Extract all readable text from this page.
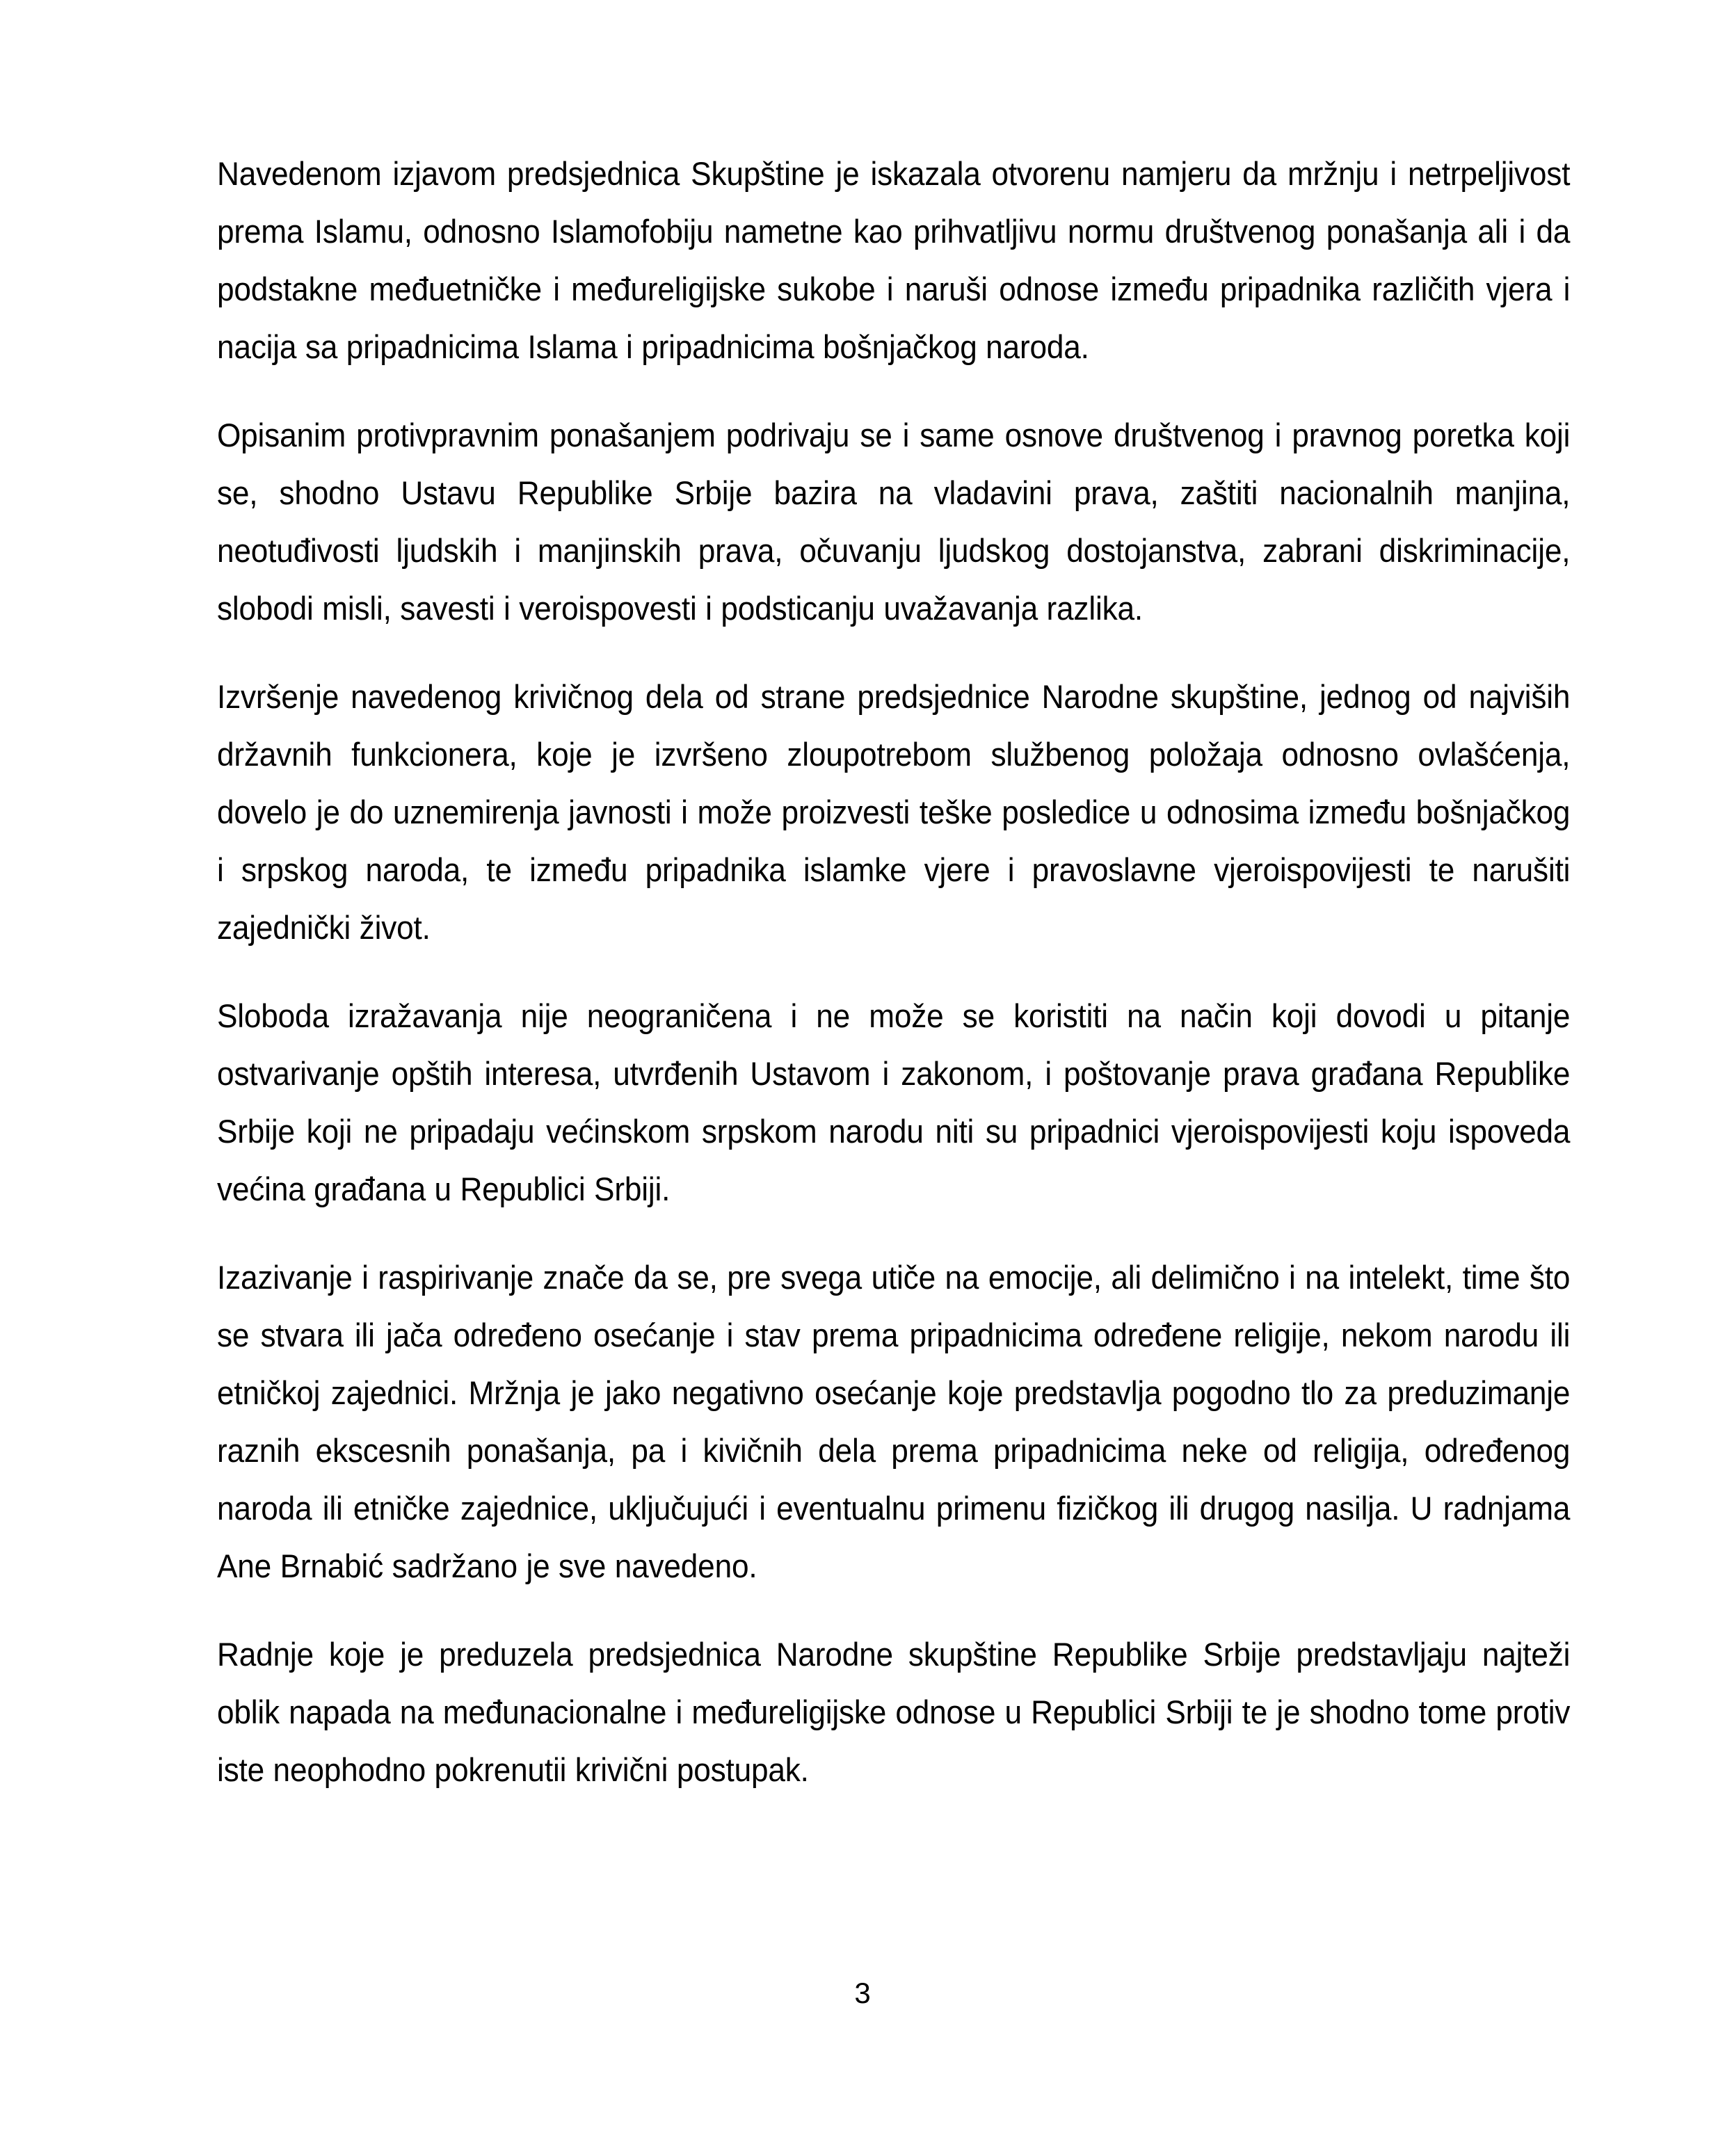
Navedenom izjavom predsjednica Skupštine je iskazala otvorenu namjeru da mržnju i netrpeljivost prema Islamu, odnosno Islamofobiju nametne kao prihvatljivu normu društvenog ponašanja ali i da podstakne međuetničke i međureligijske sukobe i naruši odnose između pripadnika različith vjera i nacija sa pripadnicima Islama i pripadnicima bošnjačkog naroda.

Opisanim protivpravnim ponašanjem podrivaju se i same osnove društvenog i pravnog poretka koji se, shodno Ustavu Republike Srbije bazira na vladavini prava, zaštiti nacionalnih manjina, neotuđivosti ljudskih i manjinskih prava, očuvanju ljudskog dostojanstva, zabrani diskriminacije, slobodi misli, savesti i veroispovesti i podsticanju uvažavanja razlika.

Izvršenje navedenog krivičnog dela od strane predsjednice Narodne skupštine, jednog od najviših državnih funkcionera, koje je izvršeno zloupotrebom službenog položaja odnosno ovlašćenja, dovelo je do uznemirenja javnosti i može proizvesti teške posledice u odnosima između bošnjačkog i srpskog naroda, te između pripadnika islamke vjere i pravoslavne vjeroispovijesti te narušiti zajednički život.

Sloboda izražavanja nije neograničena i ne može se koristiti na način koji dovodi u pitanje ostvarivanje opštih interesa, utvrđenih Ustavom i zakonom, i poštovanje prava građana Republike Srbije koji ne pripadaju većinskom srpskom narodu niti su pripadnici vjeroispovijesti koju ispoveda većina građana u Republici Srbiji.

Izazivanje i raspirivanje znače da se, pre svega utiče na emocije, ali delimično i na intelekt, time što se stvara ili jača određeno osećanje i stav prema pripadnicima određene religije, nekom narodu ili etničkoj zajednici. Mržnja je jako negativno osećanje koje predstavlja pogodno tlo za preduzimanje raznih ekscesnih ponašanja, pa i kivičnih dela prema pripadnicima neke od religija, određenog naroda ili etničke zajednice, uključujući i eventualnu primenu fizičkog ili drugog nasilja. U radnjama Ane Brnabić sadržano je sve navedeno.

Radnje koje je preduzela predsjednica Narodne skupštine Republike Srbije predstavljaju najteži oblik napada na međunacionalne i međureligijske odnose u Republici Srbiji te je shodno tome protiv iste neophodno pokrenutii krivični postupak.

3
